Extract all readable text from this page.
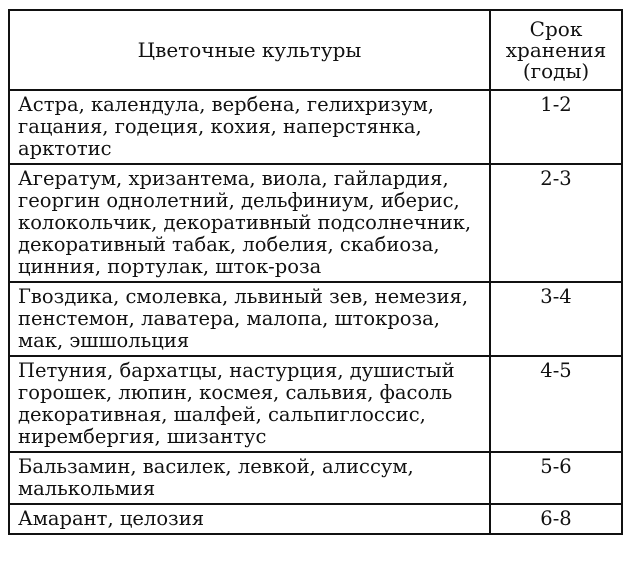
Цветочные культуры	Срок
хранения
(годы)

Астра, календула, вербена, гелихризум,
гацания, годеция, кохия, наперстянка,
арктотис	1-2

Агератум, хризантема, виола, гайлардия,
георгин однолетний, дельфиниум, иберис,
колокольчик, декоративный подсолнечник,
декоративный табак, лобелия, скабиоза,
цинния, портулак, шток-роза	2-3

Гвоздика, смолевка, львиный зев, немезия,
пенстемон, лаватера, малопа, штокроза,
мак, эшшольция	3-4

Петуния, бархатцы, настурция, душистый
горошек, люпин, космея, сальвия, фасоль
декоративная, шалфей, сальпиглоссис,
нирембергия, шизантус	4-5

Бальзамин, василек, левкой, алиссум,
малькольмия	5-6

Амарант, целозия	6-8
